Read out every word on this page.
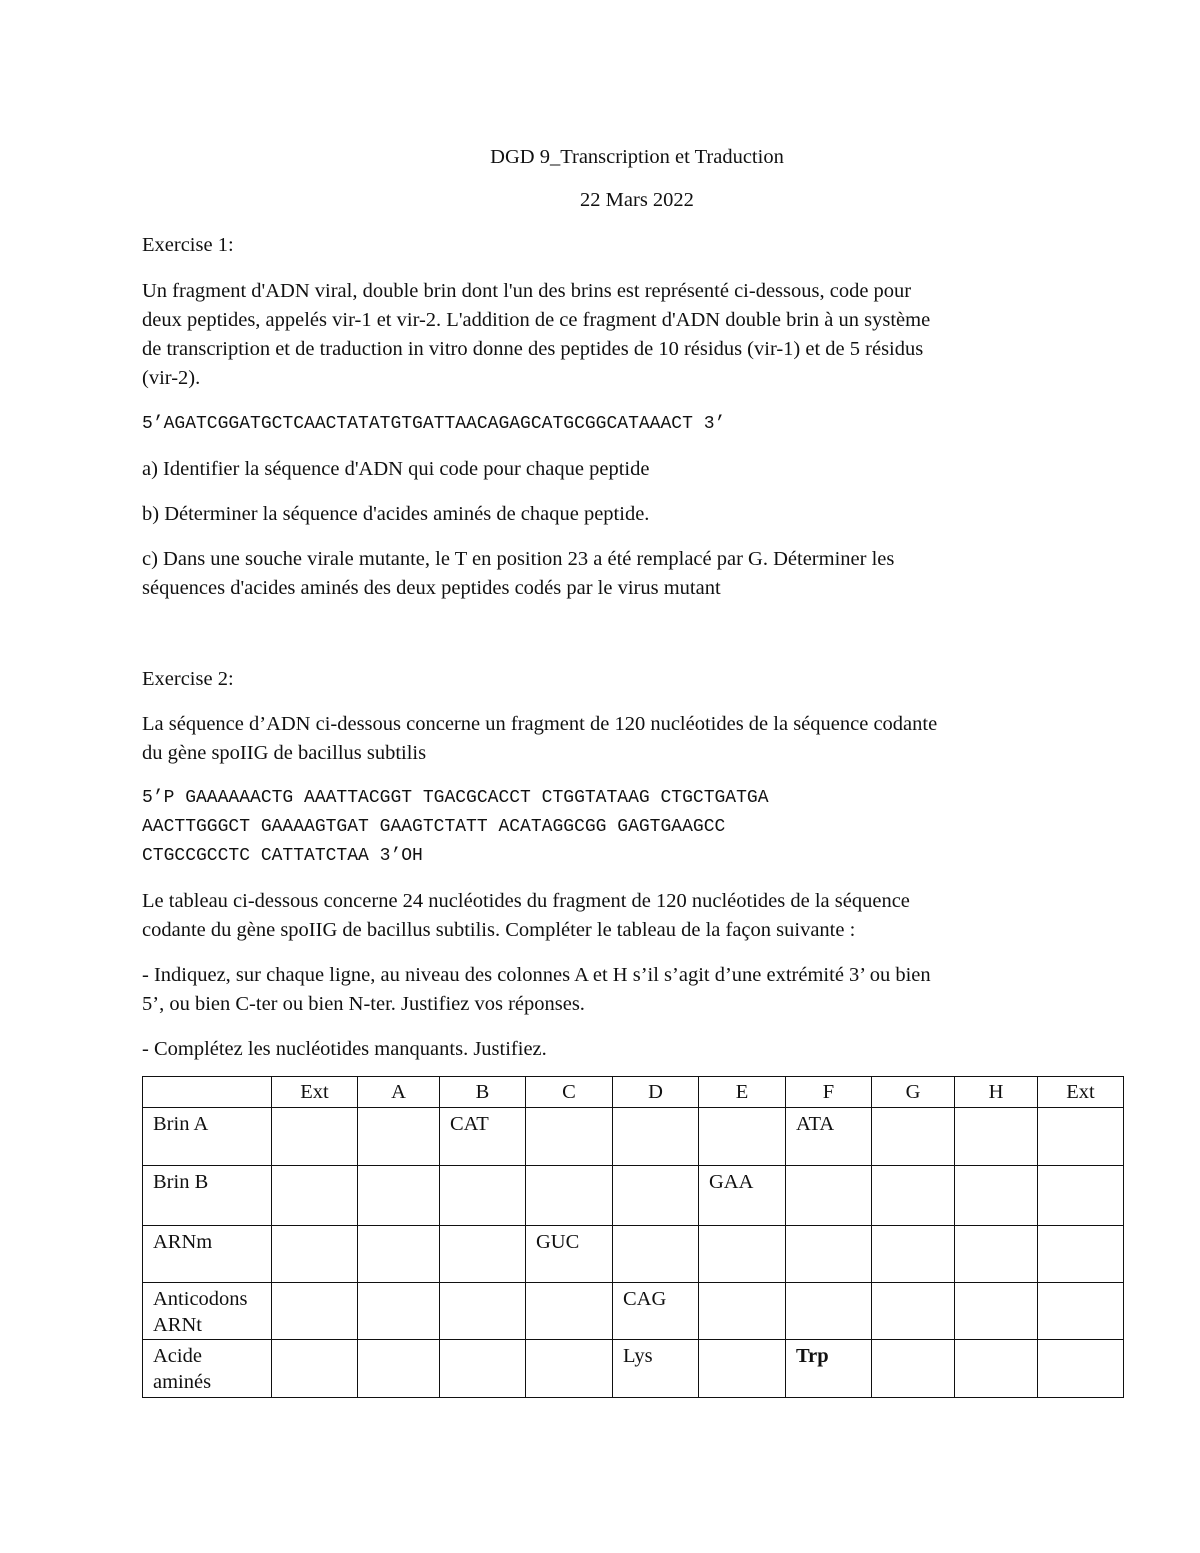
DGD 9_Transcription et Traduction

22 Mars 2022

Exercise 1:

Un fragment d'ADN viral, double brin dont l'un des brins est représenté ci-dessous, code pour

deux peptides, appelés vir-1 et vir-2. L'addition de ce fragment d'ADN double brin à un système

de transcription et de traduction in vitro donne des peptides de 10 résidus (vir-1) et de 5 résidus

(vir-2).

5’AGATCGGATGCTCAACTATATGTGATTAACAGAGCATGCGGCATAAACT 3’

a) Identifier la séquence d'ADN qui code pour chaque peptide

b) Déterminer la séquence d'acides aminés de chaque peptide.

c) Dans une souche virale mutante, le T en position 23 a été remplacé par G. Déterminer les

séquences d'acides aminés des deux peptides codés par le virus mutant

Exercise 2:

La séquence d’ADN ci-dessous concerne un fragment de 120 nucléotides de la séquence codante

du gène spoIIG de bacillus subtilis

5’P GAAAAAACTG AAATTACGGT TGACGCACCT CTGGTATAAG CTGCTGATGA

AACTTGGGCT GAAAAGTGAT GAAGTCTATT ACATAGGCGG GAGTGAAGCC

CTGCCGCCTC CATTATCTAA 3’OH

Le tableau ci-dessous concerne 24 nucléotides du fragment de 120 nucléotides de la séquence

codante du gène spoIIG de bacillus subtilis. Compléter le tableau de la façon suivante :

- Indiquez, sur chaque ligne, au niveau des colonnes A et H s’il s’agit d’une extrémité 3’ ou bien

5’, ou bien C-ter ou bien N-ter. Justifiez vos réponses.

- Complétez les nucléotides manquants. Justifiez.

	Ext	A	B	C	D	E	F	G	H	Ext
Brin A			CAT				ATA			
Brin B						GAA				
ARNm				GUC						
Anticodons
ARNt					CAG					
Acide
aminés					Lys		Trp			
